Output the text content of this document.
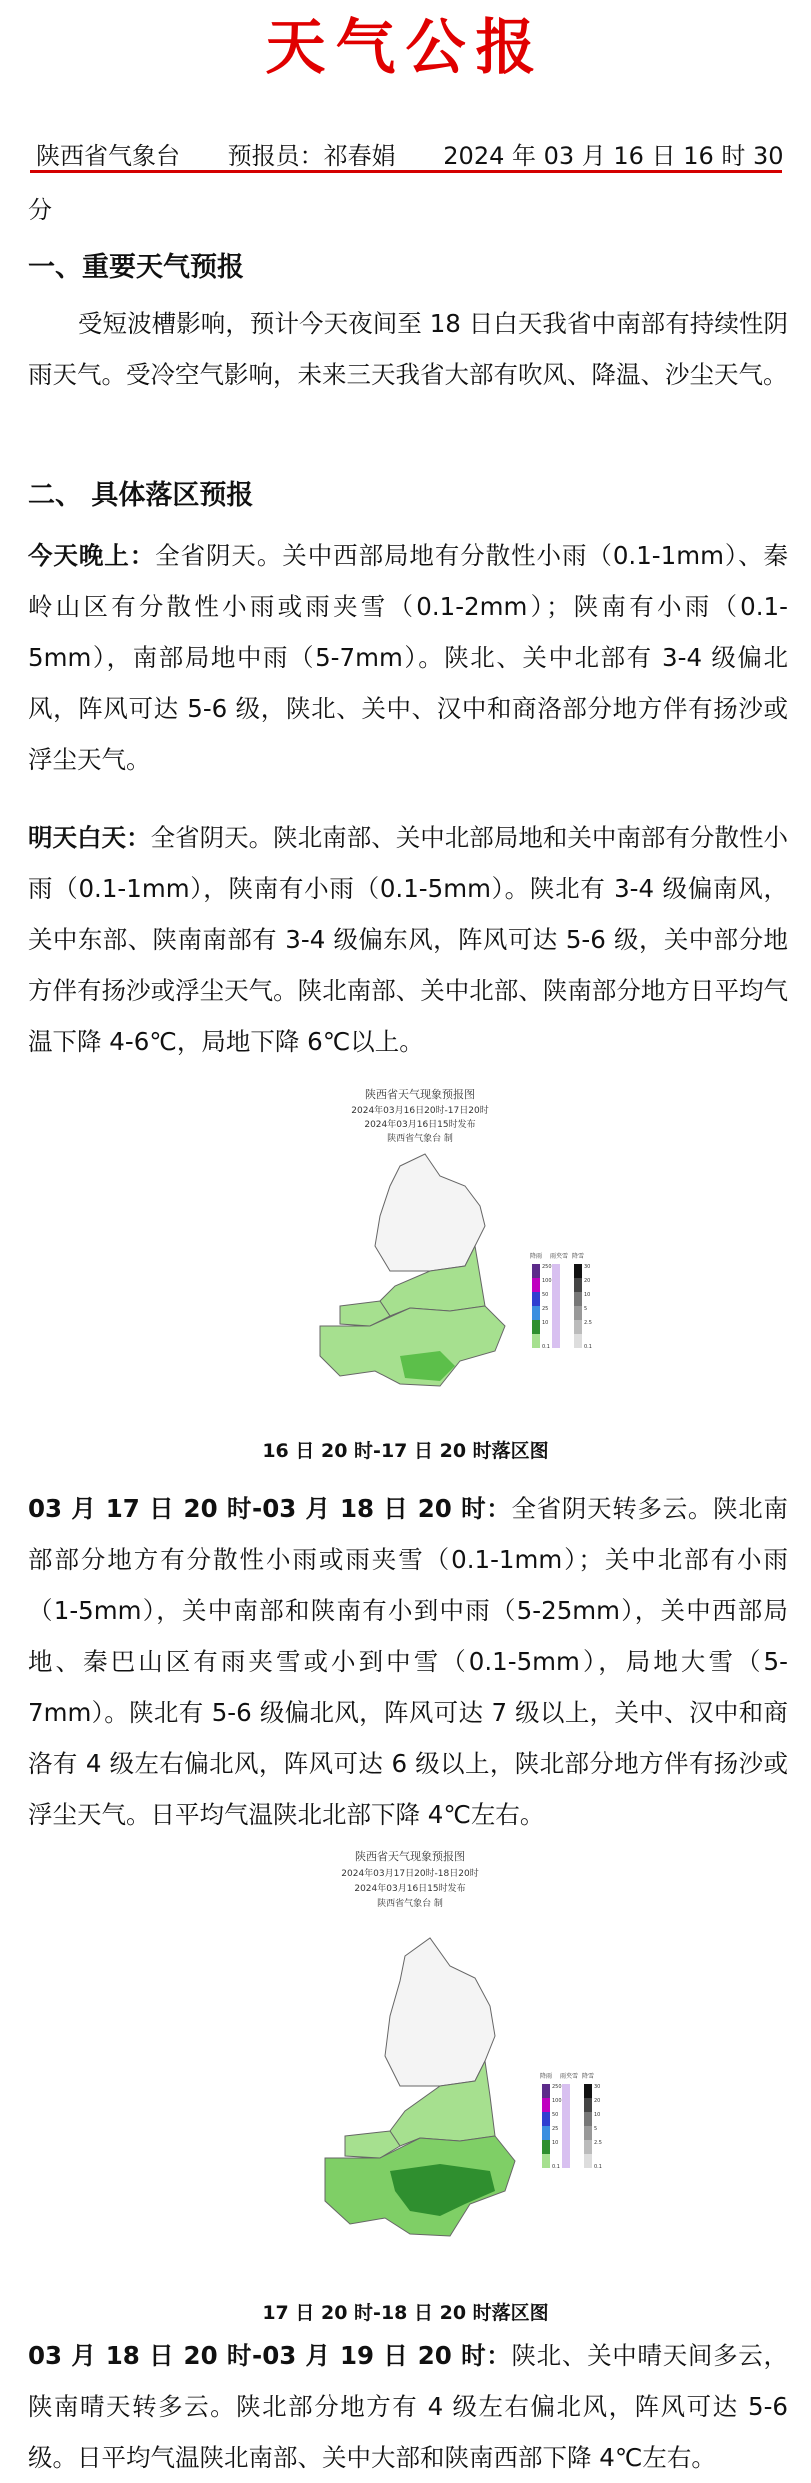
天气公报
陕西省气象台 预报员：祁春娟 2024 年 03 月 16 日 16 时 30
分
一、重要天气预报
受短波槽影响，预计今天夜间至 18 日白天我省中南部有持续性阴雨天气。受冷空气影响，未来三天我省大部有吹风、降温、沙尘天气。
二、 具体落区预报
今天晚上：全省阴天。关中西部局地有分散性小雨（0.1-1mm）、秦岭山区有分散性小雨或雨夹雪（0.1-2mm）；陕南有小雨（0.1-5mm），南部局地中雨（5-7mm）。陕北、关中北部有 3-4 级偏北风，阵风可达 5-6 级，陕北、关中、汉中和商洛部分地方伴有扬沙或浮尘天气。
明天白天：全省阴天。陕北南部、关中北部局地和关中南部有分散性小雨（0.1-1mm），陕南有小雨（0.1-5mm）。陕北有 3-4 级偏南风，关中东部、陕南南部有 3-4 级偏东风，阵风可达 5-6 级，关中部分地方伴有扬沙或浮尘天气。陕北南部、关中北部、陕南部分地方日平均气温下降 4-6℃，局地下降 6℃以上。
陕西省天气现象预报图
2024年03月16日20时-17日20时
2024年03月16日15时发布
陕西省气象台 制
降雨 雨夹雪 降雪
250
100
50
25
10
0.1
30
20
10
5
2.5
0.1
16 日 20 时-17 日 20 时落区图
03 月 17 日 20 时-03 月 18 日 20 时：全省阴天转多云。陕北南部部分地方有分散性小雨或雨夹雪（0.1-1mm）；关中北部有小雨（1-5mm），关中南部和陕南有小到中雨（5-25mm），关中西部局地、秦巴山区有雨夹雪或小到中雪（0.1-5mm），局地大雪（5-7mm）。陕北有 5-6 级偏北风，阵风可达 7 级以上，关中、汉中和商洛有 4 级左右偏北风，阵风可达 6 级以上，陕北部分地方伴有扬沙或浮尘天气。日平均气温陕北北部下降 4℃左右。
陕西省天气现象预报图
2024年03月17日20时-18日20时
2024年03月16日15时发布
陕西省气象台 制
降雨 雨夹雪 降雪
250
100
50
25
10
0.1
30
20
10
5
2.5
0.1
17 日 20 时-18 日 20 时落区图
03 月 18 日 20 时-03 月 19 日 20 时：陕北、关中晴天间多云，陕南晴天转多云。陕北部分地方有 4 级左右偏北风，阵风可达 5-6 级。日平均气温陕北南部、关中大部和陕南西部下降 4℃左右。
